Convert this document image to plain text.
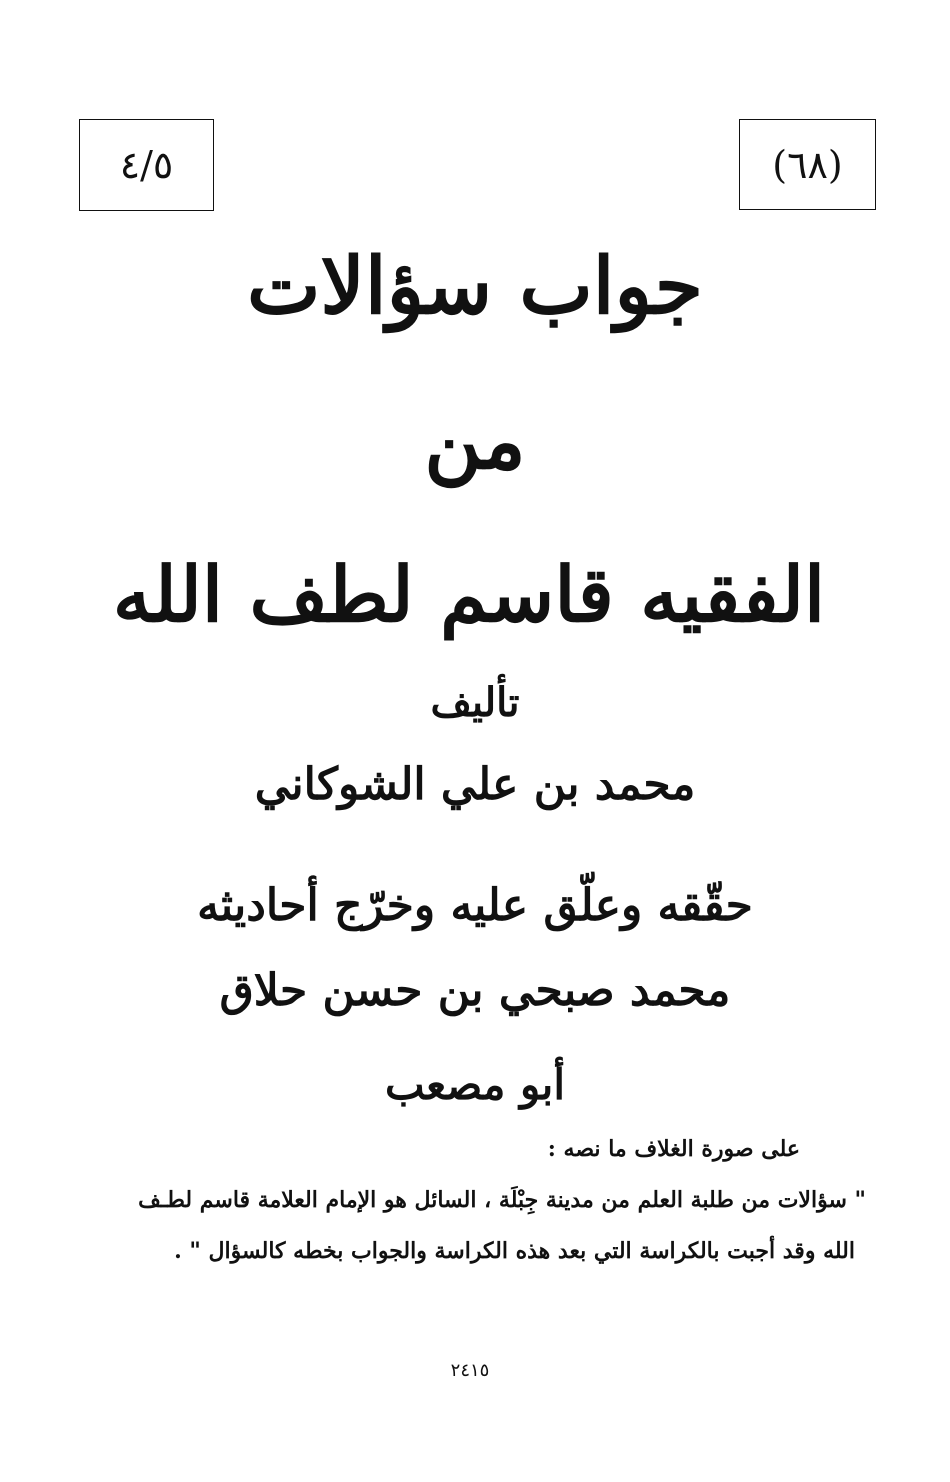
٤/٥	(٦٨)
جواب سؤالات
من
الفقيه قاسم لطف الله
تأليف
محمد بن علي الشوكاني
حقّقه وعلّق عليه وخرّج أحاديثه
محمد صبحي بن حسن حلاق
أبو مصعب
على صورة الغلاف ما نصه :
" سؤالات من طلبة العلم من مدينة جِبْلَة ، السائل هو الإمام العلامة قاسم لطـف
الله وقد أجبت بالكراسة التي بعد هذه الكراسة والجواب بخطه كالسؤال " .
٢٤١٥
